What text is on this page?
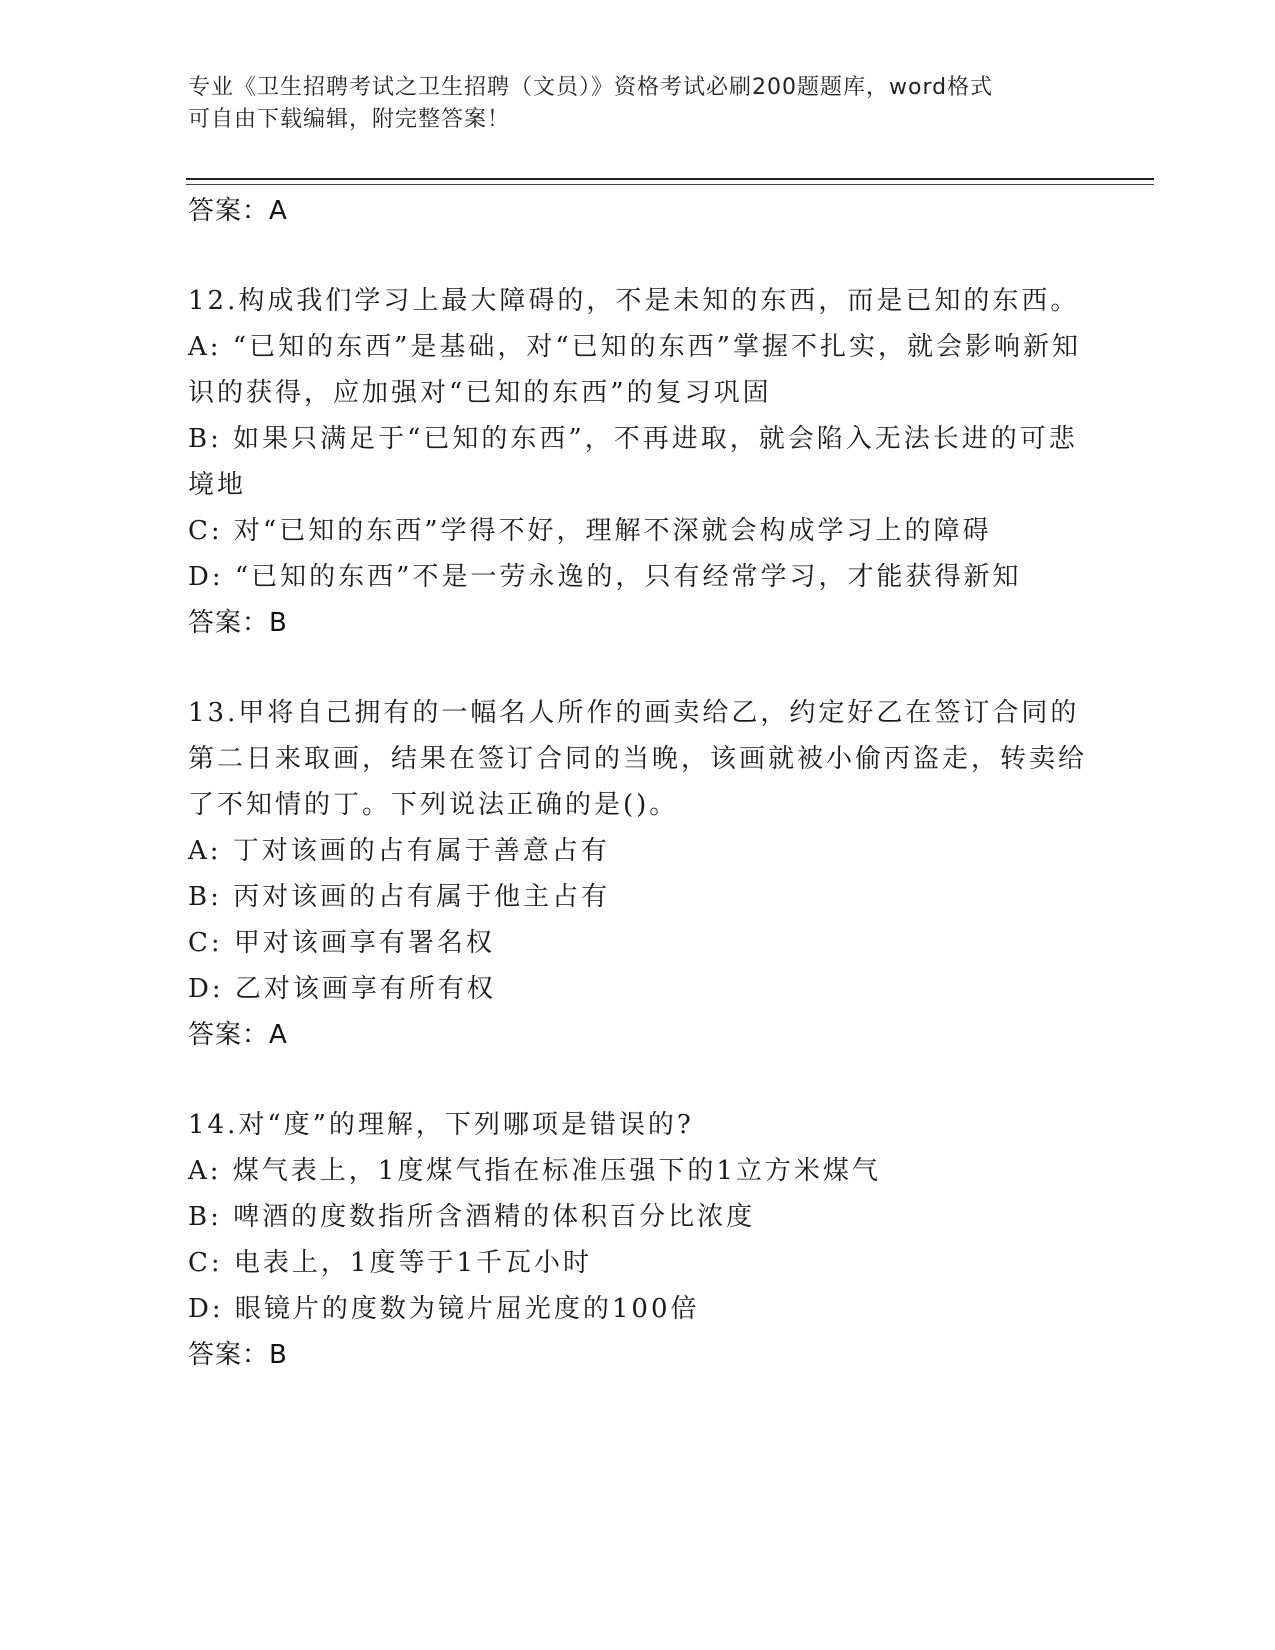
专业《卫生招聘考试之卫生招聘（文员）》资格考试必刷200题题库，word格式
可自由下载编辑，附完整答案！
答案：A
12.构成我们学习上最大障碍的，不是未知的东西，而是已知的东西。
A: “已知的东西”是基础，对“已知的东西”掌握不扎实，就会影响新知识的获得，应加强对“已知的东西”的复习巩固
B: 如果只满足于“已知的东西”，不再进取，就会陷入无法长进的可悲境地
C: 对“已知的东西”学得不好，理解不深就会构成学习上的障碍
D: “已知的东西”不是一劳永逸的，只有经常学习，才能获得新知
答案：B
13.甲将自己拥有的一幅名人所作的画卖给乙，约定好乙在签订合同的第二日来取画，结果在签订合同的当晚，该画就被小偷丙盗走，转卖给了不知情的丁。下列说法正确的是()。
A: 丁对该画的占有属于善意占有
B: 丙对该画的占有属于他主占有
C: 甲对该画享有署名权
D: 乙对该画享有所有权
答案：A
14.对“度”的理解，下列哪项是错误的?
A: 煤气表上，1度煤气指在标准压强下的1立方米煤气
B: 啤酒的度数指所含酒精的体积百分比浓度
C: 电表上，1度等于1千瓦小时
D: 眼镜片的度数为镜片屈光度的100倍
答案：B
